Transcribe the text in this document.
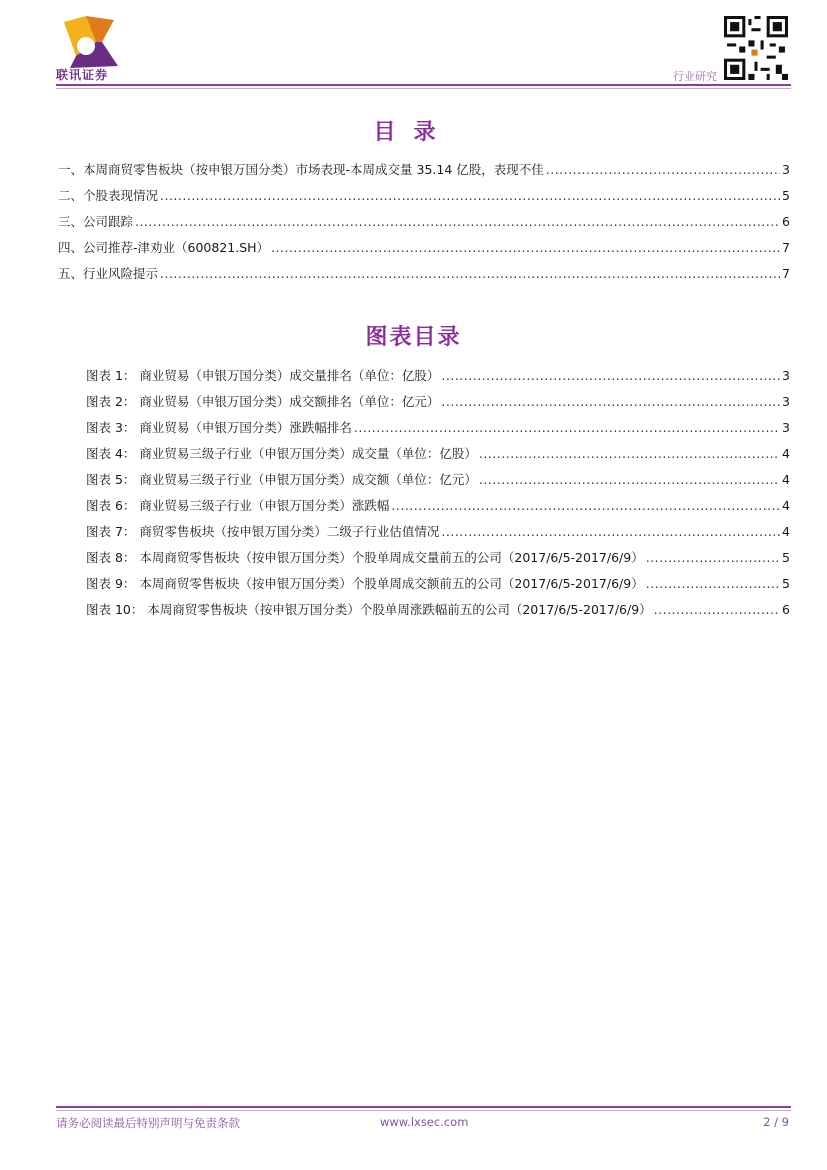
联讯证券	行业研究
目录
一、本周商贸零售板块（按申银万国分类）市场表现-本周成交量 35.14 亿股，表现不佳 .....	3
二、个股表现情况 .....	5
三、公司跟踪 .....	6
四、公司推荐-津劝业（600821.SH） .....	7
五、行业风险提示 .....	7
图表目录
图表 1： 商业贸易（申银万国分类）成交量排名（单位：亿股） .....	3
图表 2： 商业贸易（申银万国分类）成交额排名（单位：亿元） .....	3
图表 3： 商业贸易（申银万国分类）涨跌幅排名 .....	3
图表 4： 商业贸易三级子行业（申银万国分类）成交量（单位：亿股） .....	4
图表 5： 商业贸易三级子行业（申银万国分类）成交额（单位：亿元） .....	4
图表 6： 商业贸易三级子行业（申银万国分类）涨跌幅 .....	4
图表 7： 商贸零售板块（按申银万国分类）二级子行业估值情况 .....	4
图表 8： 本周商贸零售板块（按申银万国分类）个股单周成交量前五的公司（2017/6/5-2017/6/9） .....	5
图表 9： 本周商贸零售板块（按申银万国分类）个股单周成交额前五的公司（2017/6/5-2017/6/9） .....	5
图表 10： 本周商贸零售板块（按申银万国分类）个股单周涨跌幅前五的公司（2017/6/5-2017/6/9） .....	6
请务必阅读最后特别声明与免责条款	www.lxsec.com	2 / 9
